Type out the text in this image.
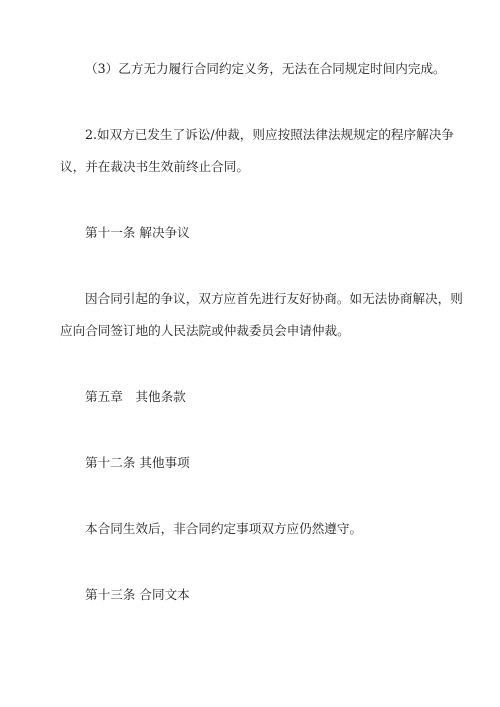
（3）乙方无力履行合同约定义务，无法在合同规定时间内完成。
2.如双方已发生了诉讼/仲裁，则应按照法律法规规定的程序解决争
议，并在裁决书生效前终止合同。
第十一条 解决争议
因合同引起的争议，双方应首先进行友好协商。如无法协商解决，则
应向合同签订地的人民法院或仲裁委员会申请仲裁。
第五章　其他条款
第十二条 其他事项
本合同生效后，非合同约定事项双方应仍然遵守。
第十三条 合同文本
